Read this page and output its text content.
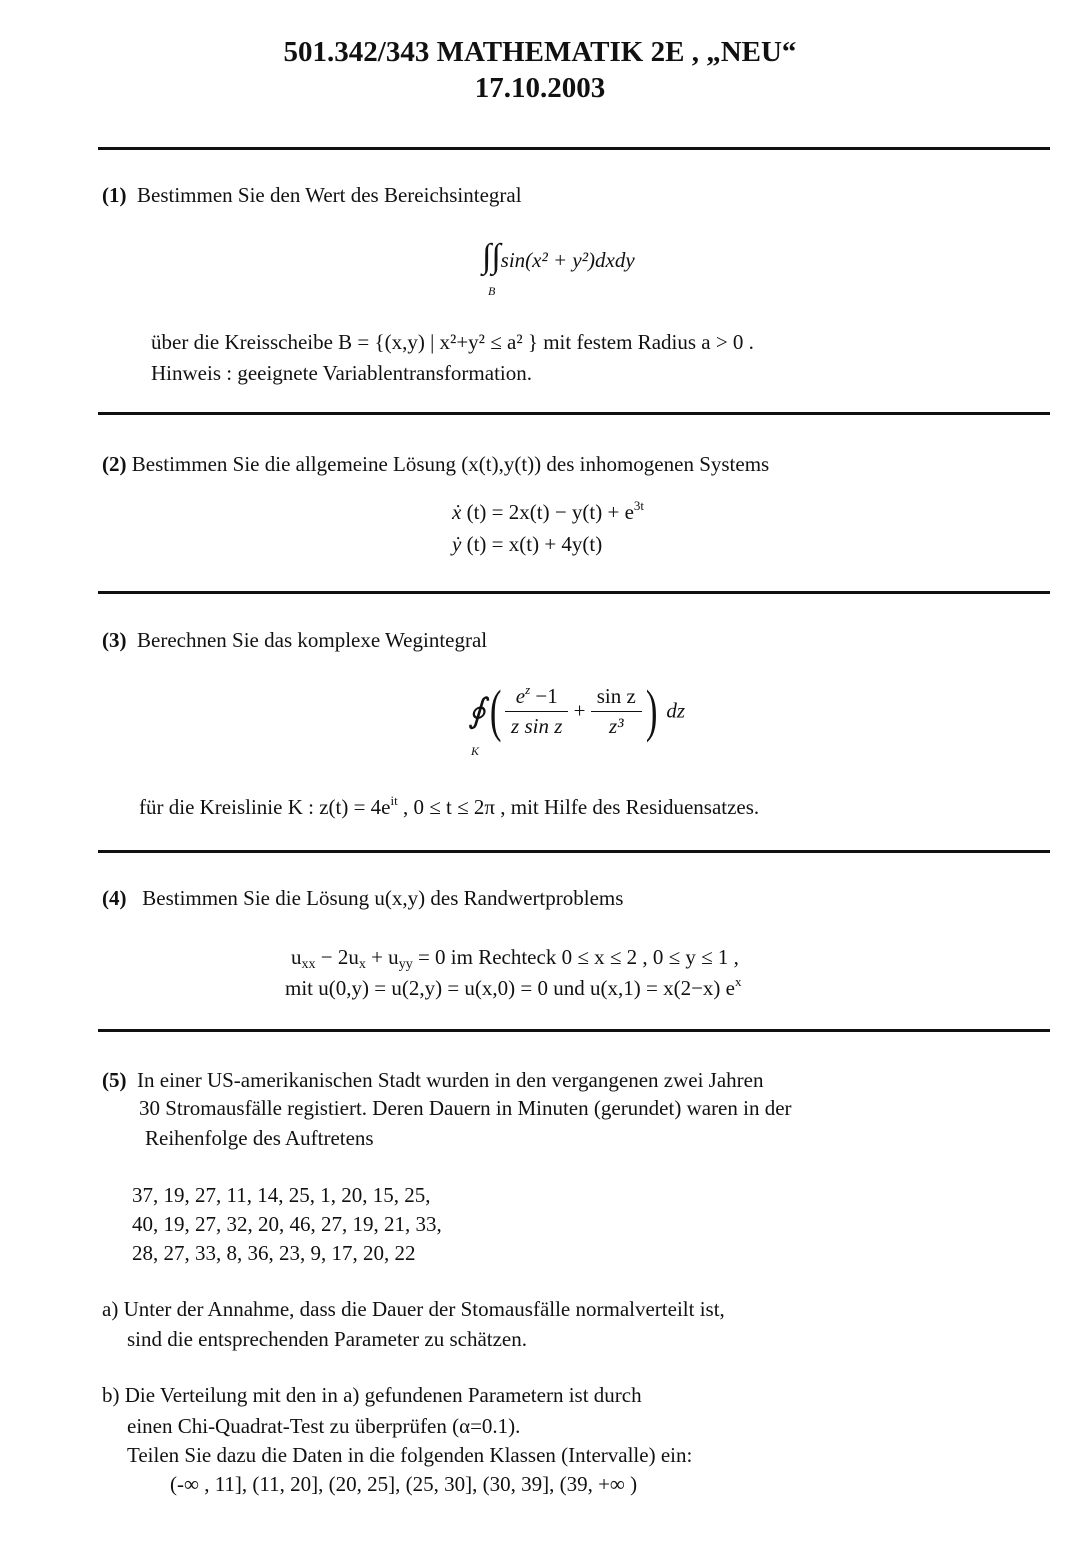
501.342/343 MATHEMATIK 2E , „NEU“
17.10.2003
(1) Bestimmen Sie den Wert des Bereichsintegral
∫∫sin(x² + y²)dxdy
B
über die Kreisscheibe B = {(x,y) | x²+y² ≤ a² } mit festem Radius a > 0 .
Hinweis : geeignete Variablentransformation.
(2) Bestimmen Sie die allgemeine Lösung (x(t),y(t)) des inhomogenen Systems
ẋ $(t) = 2x(t) - y(t) + e^{3t}$
ẏ (t) = x(t) + 4y(t)
(3) Berechnen Sie das komplexe Wegintegral
∮( $\frac{e^z -1}{\text{z sin z}} + \frac{\text{sin z}}{\text{z³}}$ ) dz
K
für die Kreislinie K : $z(t) = 4e^{it}$ , 0 ≤ t ≤ 2π , mit Hilfe des Residuensatzes.
(4) Bestimmen Sie die Lösung u(x,y) des Randwertproblems
$u_{xx} - 2u_x + u_{yy} = 0$ im Rechteck 0 ≤ x ≤ 2 , 0 ≤ y ≤ 1 ,
mit u(0,y) = u(2,y) = u(x,0) = 0 und u(x,1) = x(2−x) $e^x$
(5) In einer US-amerikanischen Stadt wurden in den vergangenen zwei Jahren
30 Stromausfälle registiert. Deren Dauern in Minuten (gerundet) waren in der
Reihenfolge des Auftretens
37, 19, 27, 11, 14, 25, 1, 20, 15, 25,
40, 19, 27, 32, 20, 46, 27, 19, 21, 33,
28, 27, 33, 8, 36, 23, 9, 17, 20, 22
a) Unter der Annahme, dass die Dauer der Stomausfälle normalverteilt ist,
sind die entsprechenden Parameter zu schätzen.
b) Die Verteilung mit den in a) gefundenen Parametern ist durch
einen Chi-Quadrat-Test zu überprüfen (α=0.1).
Teilen Sie dazu die Daten in die folgenden Klassen (Intervalle) ein:
(-∞ , 11], (11, 20], (20, 25], (25, 30], (30, 39], (39, +∞ )
